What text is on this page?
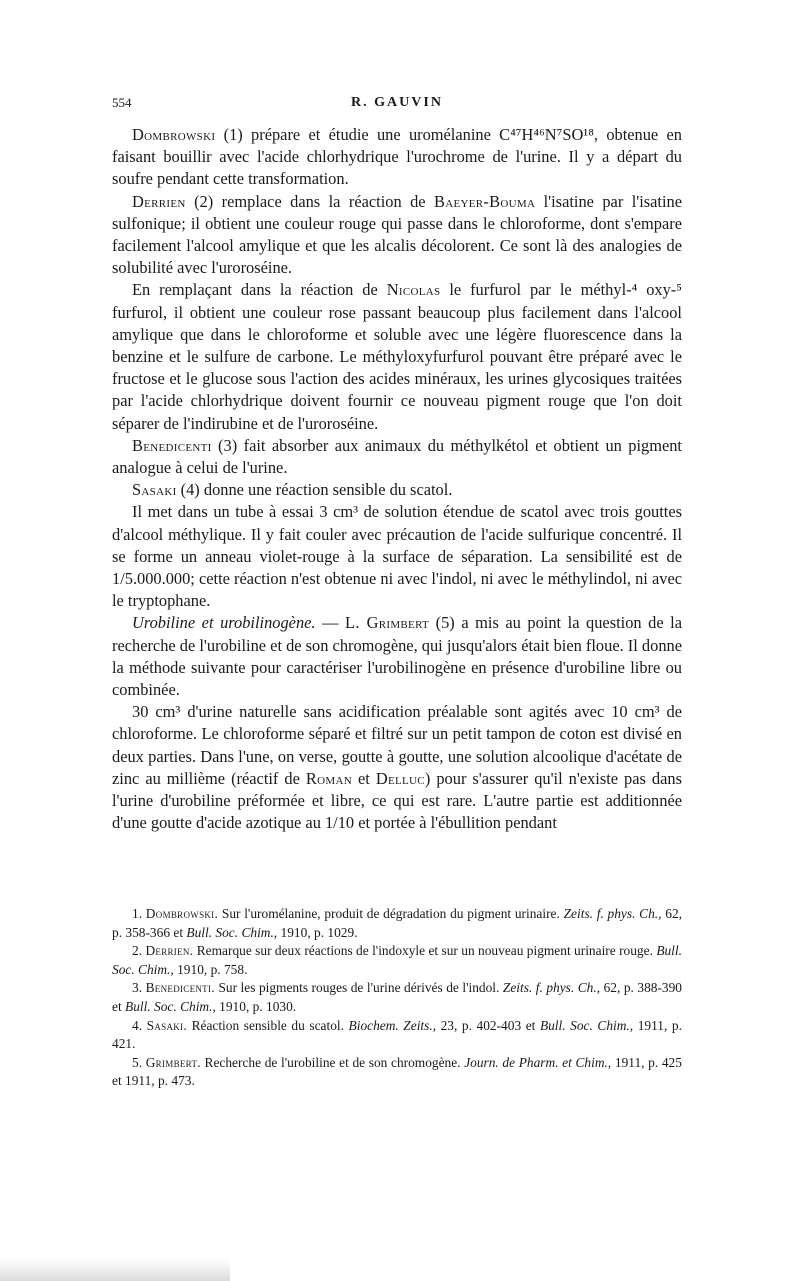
554	R. GAUVIN

Dombrowski (1) prépare et étudie une uromélanine C⁴⁷H⁴⁶N⁷SO¹⁸, obtenue en faisant bouillir avec l'acide chlorhydrique l'urochrome de l'urine. Il y a départ du soufre pendant cette transformation.

Derrien (2) remplace dans la réaction de Baeyer-Bouma l'isatine par l'isatine sulfonique; il obtient une couleur rouge qui passe dans le chloroforme, dont s'empare facilement l'alcool amylique et que les alcalis décolorent. Ce sont là des analogies de solubilité avec l'uroroséine.

En remplaçant dans la réaction de Nicolas le furfurol par le méthyl-⁴ oxy-⁵ furfurol, il obtient une couleur rose passant beaucoup plus facilement dans l'alcool amylique que dans le chloroforme et soluble avec une légère fluorescence dans la benzine et le sulfure de carbone. Le méthyloxyfurfurol pouvant être préparé avec le fructose et le glucose sous l'action des acides minéraux, les urines glycosiques traitées par l'acide chlorhydrique doivent fournir ce nouveau pigment rouge que l'on doit séparer de l'indirubine et de l'uroroséine.

Benedicenti (3) fait absorber aux animaux du méthylkétol et obtient un pigment analogue à celui de l'urine.

Sasaki (4) donne une réaction sensible du scatol.

Il met dans un tube à essai 3 cm³ de solution étendue de scatol avec trois gouttes d'alcool méthylique. Il y fait couler avec précaution de l'acide sulfurique concentré. Il se forme un anneau violet-rouge à la surface de séparation. La sensibilité est de 1/5.000.000; cette réaction n'est obtenue ni avec l'indol, ni avec le méthylindol, ni avec le tryptophane.

Urobiline et urobilinogène. — L. Grimbert (5) a mis au point la question de la recherche de l'urobiline et de son chromogène, qui jusqu'alors était bien floue. Il donne la méthode suivante pour caractériser l'urobilinogène en présence d'urobiline libre ou combinée.

30 cm³ d'urine naturelle sans acidification préalable sont agités avec 10 cm³ de chloroforme. Le chloroforme séparé et filtré sur un petit tampon de coton est divisé en deux parties. Dans l'une, on verse, goutte à goutte, une solution alcoolique d'acétate de zinc au millième (réactif de Roman et Delluc) pour s'assurer qu'il n'existe pas dans l'urine d'urobiline préformée et libre, ce qui est rare. L'autre partie est additionnée d'une goutte d'acide azotique au 1/10 et portée à l'ébullition pendant

1. Dombrowski. Sur l'uromélanine, produit de dégradation du pigment urinaire. Zeits. f. phys. Ch., 62, p. 358-366 et Bull. Soc. Chim., 1910, p. 1029.

2. Derrien. Remarque sur deux réactions de l'indoxyle et sur un nouveau pigment urinaire rouge. Bull. Soc. Chim., 1910, p. 758.

3. Benedicenti. Sur les pigments rouges de l'urine dérivés de l'indol. Zeits. f. phys. Ch., 62, p. 388-390 et Bull. Soc. Chim., 1910, p. 1030.

4. Sasaki. Réaction sensible du scatol. Biochem. Zeits., 23, p. 402-403 et Bull. Soc. Chim., 1911, p. 421.

5. Grimbert. Recherche de l'urobiline et de son chromogène. Journ. de Pharm. et Chim., 1911, p. 425 et 1911, p. 473.
